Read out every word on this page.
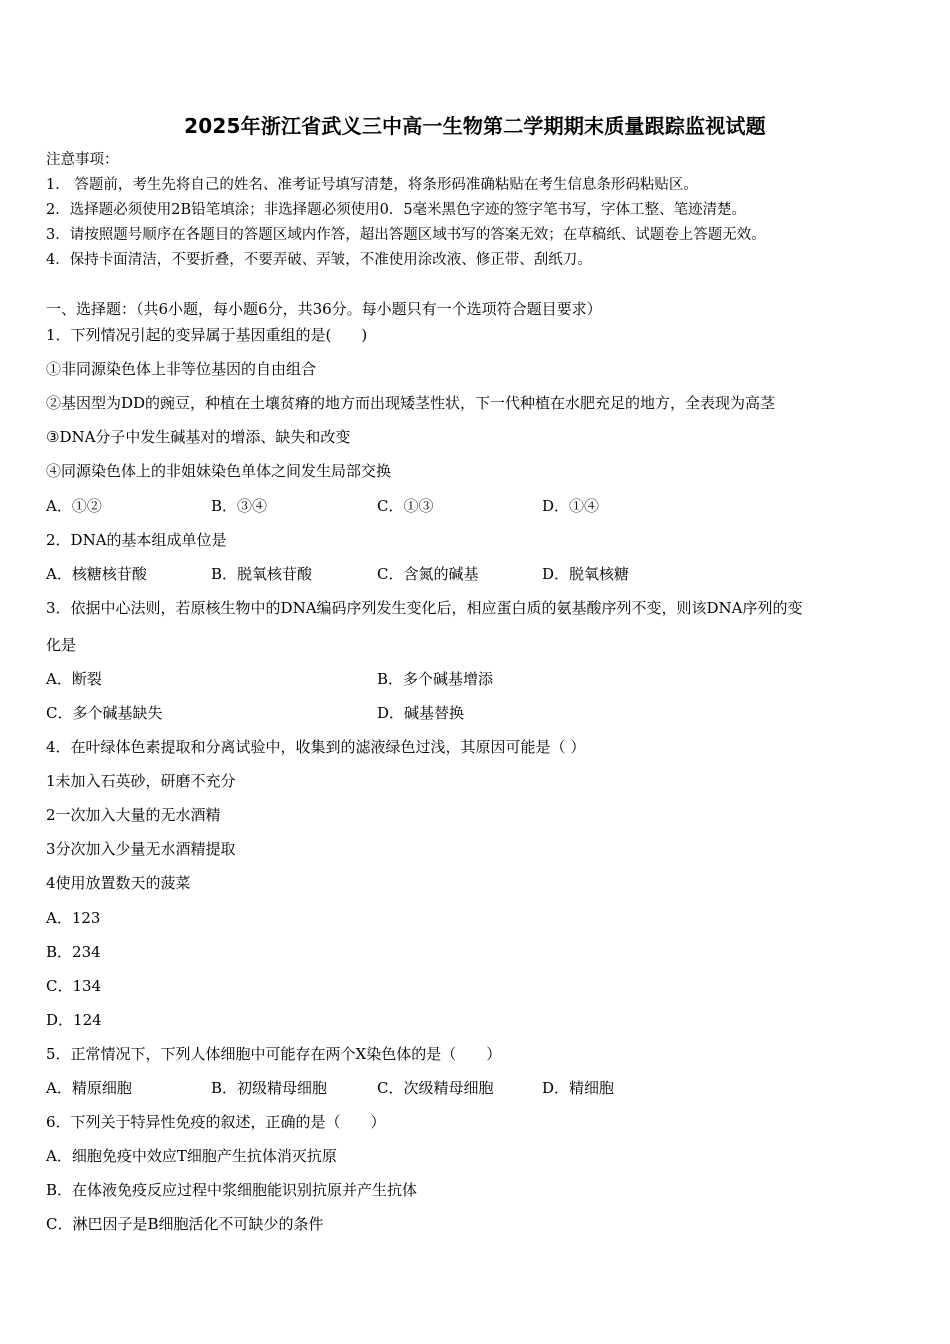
2025年浙江省武义三中高一生物第二学期期末质量跟踪监视试题
注意事项：
1． 答题前，考生先将自己的姓名、准考证号填写清楚，将条形码准确粘贴在考生信息条形码粘贴区。
2．选择题必须使用2B铅笔填涂；非选择题必须使用0．5毫米黑色字迹的签字笔书写，字体工整、笔迹清楚。
3．请按照题号顺序在各题目的答题区域内作答，超出答题区域书写的答案无效；在草稿纸、试题卷上答题无效。
4．保持卡面清洁，不要折叠，不要弄破、弄皱，不准使用涂改液、修正带、刮纸刀。
一、选择题：（共6小题，每小题6分，共36分。每小题只有一个选项符合题目要求）
1．下列情况引起的变异属于基因重组的是(　　)
①非同源染色体上非等位基因的自由组合
②基因型为DD的豌豆，种植在土壤贫瘠的地方而出现矮茎性状，下一代种植在水肥充足的地方，全表现为高茎
③DNA分子中发生碱基对的增添、缺失和改变
④同源染色体上的非姐妹染色单体之间发生局部交换
A．①②	B．③④	C．①③	D．①④
2．DNA的基本组成单位是
A．核糖核苷酸	B．脱氧核苷酸	C．含氮的碱基	D．脱氧核糖
3．依据中心法则，若原核生物中的DNA编码序列发生变化后，相应蛋白质的氨基酸序列不变，则该DNA序列的变
化是
A．断裂	B．多个碱基增添
C．多个碱基缺失	D．碱基替换
4．在叶绿体色素提取和分离试验中，收集到的滤液绿色过浅，其原因可能是（ ）
1未加入石英砂，研磨不充分
2一次加入大量的无水酒精
3分次加入少量无水酒精提取
4使用放置数天的菠菜
A．123
B．234
C．134
D．124
5．正常情况下，下列人体细胞中可能存在两个X染色体的是（　　）
A．精原细胞	B．初级精母细胞	C．次级精母细胞	D．精细胞
6．下列关于特异性免疫的叙述，正确的是（　　）
A．细胞免疫中效应T细胞产生抗体消灭抗原
B．在体液免疫反应过程中浆细胞能识别抗原并产生抗体
C．淋巴因子是B细胞活化不可缺少的条件
